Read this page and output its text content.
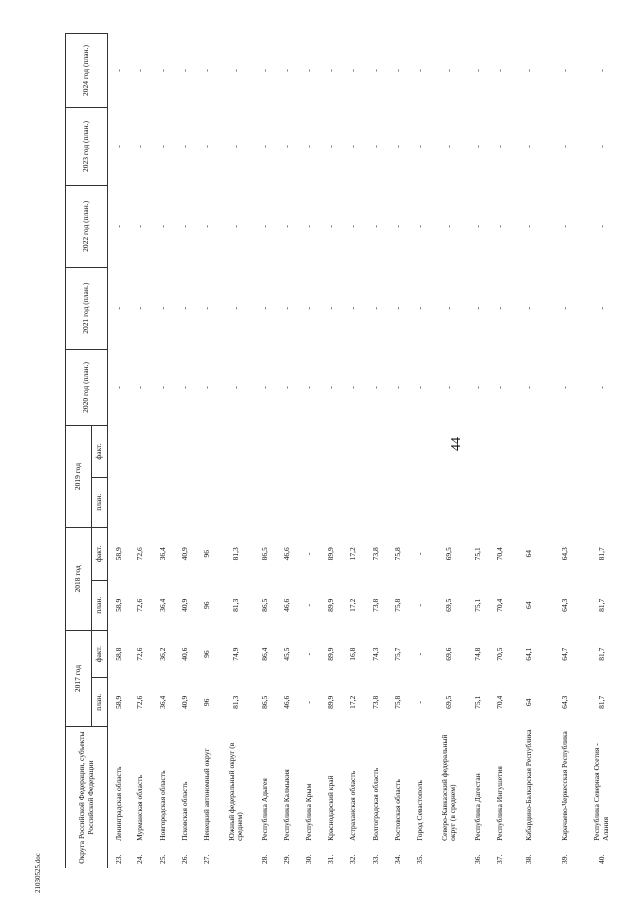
44
21030525.doc
Округа Российской Федерации, субъекты Российской Федерации		2017 год		2018 год		2019 год		2020 год (план.)	2021 год (план.)	2022 год (план.)	2023 год (план.)	2024 год (план.)
		план.	факт.	план.	факт.	план.	факт.					
23.	Ленинградская область	58,9	58,8	58,9	58,9			-	-	-	-	-
24.	Мурманская область	72,6	72,6	72,6	72,6			-	-	-	-	-
25.	Новгородская область	36,4	36,2	36,4	36,4			-	-	-	-	-
26.	Псковская область	40,9	40,6	40,9	40,9			-	-	-	-	-
27.	Ненецкий автономный округ	96	96	96	96			-	-	-	-	-
	Южный федеральный округ (в среднем)	81,3	74,9	81,3	81,3			-	-	-	-	-
28.	Республика Адыгея	86,5	86,4	86,5	86,5			-	-	-	-	-
29.	Республика Калмыкия	46,6	45,5	46,6	46,6			-	-	-	-	-
30.	Республика Крым	-	-	-	-			-	-	-	-	-
31.	Краснодарский край	89,9	89,9	89,9	89,9			-	-	-	-	-
32.	Астраханская область	17,2	16,8	17,2	17,2			-	-	-	-	-
33.	Волгоградская область	73,8	74,3	73,8	73,8			-	-	-	-	-
34.	Ростовская область	75,8	75,7	75,8	75,8			-	-	-	-	-
35.	Город Севастополь	-	-	-	-			-	-	-	-	-
	Северо-Кавказский федеральный округ (в среднем)	69,5	69,6	69,5	69,5			-	-	-	-	-
36.	Республика Дагестан	75,1	74,8	75,1	75,1			-	-	-	-	-
37.	Республика Ингушетия	70,4	70,5	70,4	70,4			-	-	-	-	-
38.	Кабардино-Балкарская Республика	64	64,1	64	64			-	-	-	-	-
39.	Карачаево-Черкесская Республика	64,3	64,7	64,3	64,3			-	-	-	-	-
40.	Республика Северная Осетия - Алания	81,7	81,7	81,7	81,7			-	-	-	-	-
